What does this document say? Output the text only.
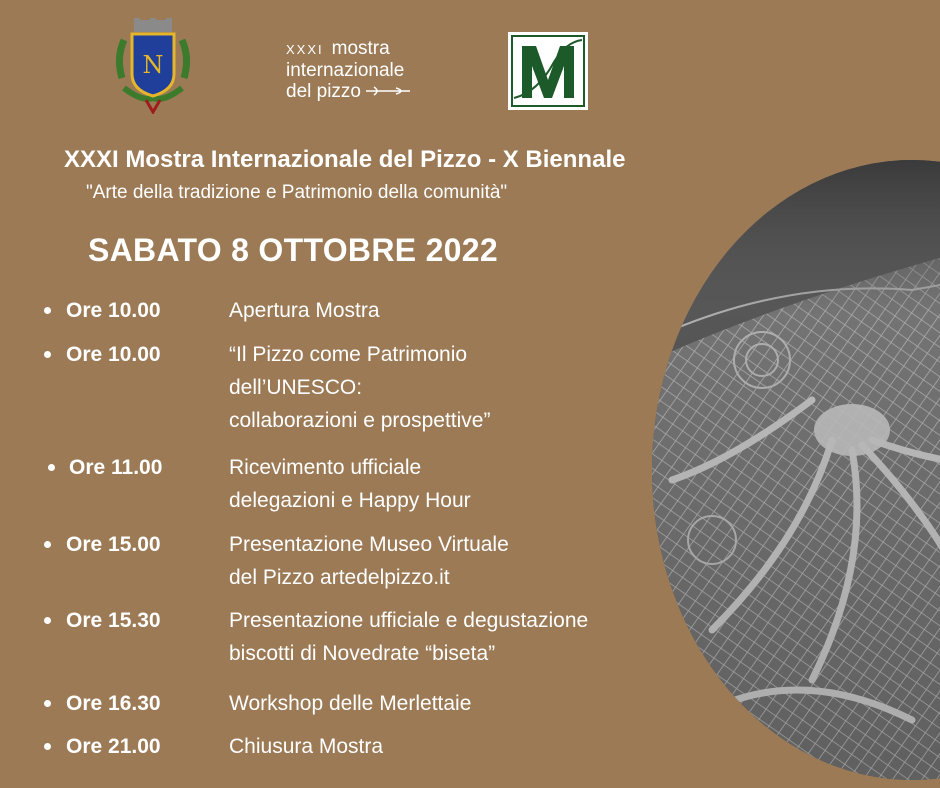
N
XXXI mostra
internazionale
del pizzo
XXXI Mostra Internazionale del Pizzo - X Biennale
"Arte della tradizione e Patrimonio della comunità"
SABATO 8 OTTOBRE 2022
Ore 10.00	Apertura Mostra
Ore 10.00	“Il Pizzo come Patrimonio
dell’UNESCO:
collaborazioni e prospettive”
Ore 11.00	Ricevimento ufficiale
delegazioni e Happy Hour
Ore 15.00	Presentazione Museo Virtuale
del Pizzo artedelpizzo.it
Ore 15.30	Presentazione ufficiale e degustazione
biscotti di Novedrate “biseta”
Ore 16.30	Workshop delle Merlettaie
Ore 21.00	Chiusura Mostra
